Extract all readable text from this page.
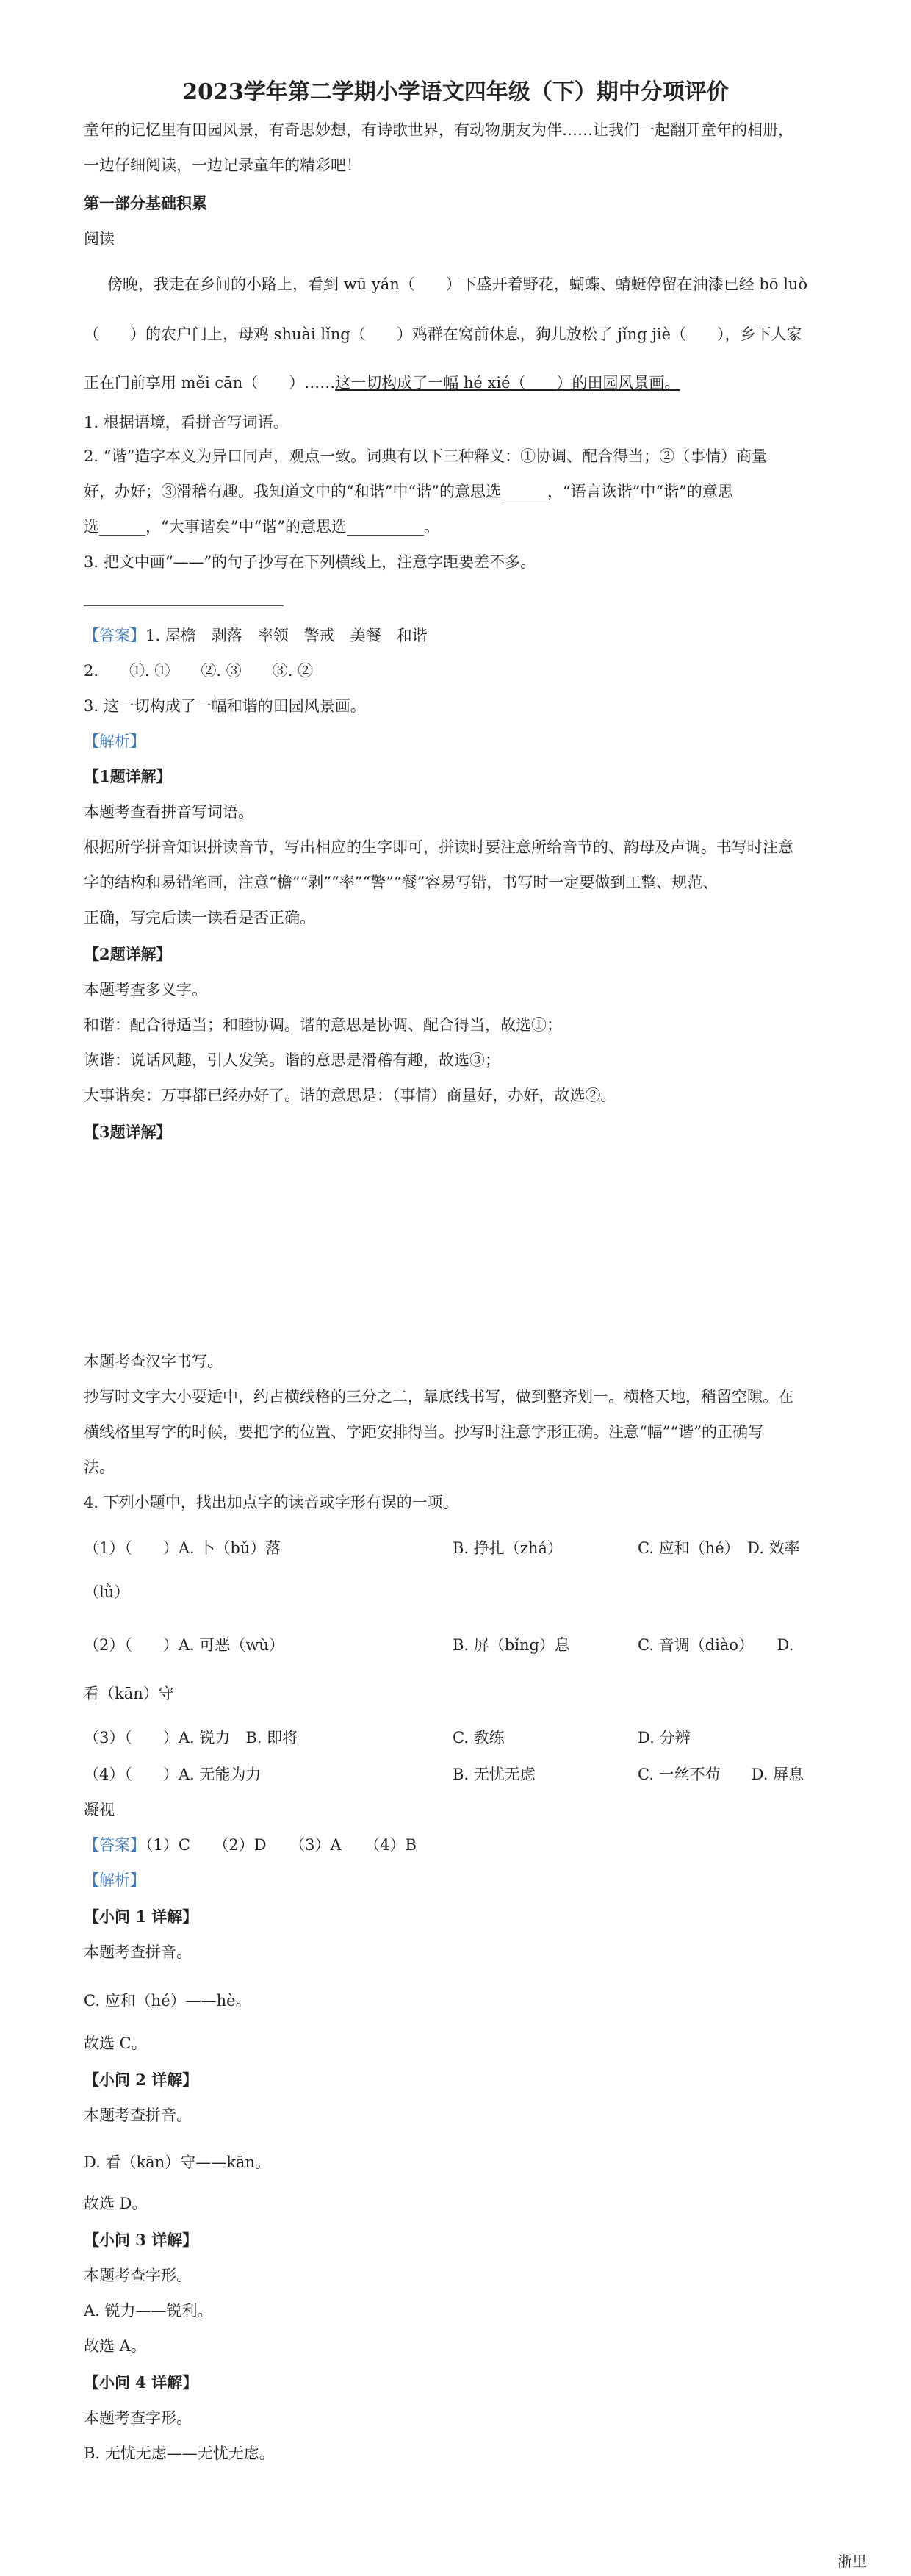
2023学年第二学期小学语文四年级（下）期中分项评价
童年的记忆里有田园风景，有奇思妙想，有诗歌世界，有动物朋友为伴……让我们一起翻开童年的相册，
一边仔细阅读，一边记录童年的精彩吧！
第一部分基础积累
阅读
傍晚，我走在乡间的小路上，看到 wū yán（　　）下盛开着野花，蝴蝶、蜻蜓停留在油漆已经 bō luò
（　　）的农户门上，母鸡 shuài lǐng（　　）鸡群在窝前休息，狗儿放松了 jǐng jiè（　　），乡下人家
正在门前享用 měi cān（　　）……这一切构成了一幅 hé xié（　　）的田园风景画。
1. 根据语境，看拼音写词语。
2. “谐”造字本义为异口同声，观点一致。词典有以下三种释义：①协调、配合得当；②（事情）商量
好，办好；③滑稽有趣。我知道文中的“和谐”中“谐”的意思选______，“语言诙谐”中“谐”的意思
选______，“大事谐矣”中“谐”的意思选__________。
3. 把文中画“——”的句子抄写在下列横线上，注意字距要差不多。
【答案】1. 屋檐　剥落　率领　警戒　美餐　和谐
2.　　①. ①　　②. ③　　③. ②
3. 这一切构成了一幅和谐的田园风景画。
【解析】
【1题详解】
本题考查看拼音写词语。
根据所学拼音知识拼读音节，写出相应的生字即可，拼读时要注意所给音节的、韵母及声调。书写时注意
字的结构和易错笔画，注意“檐”“剥”“率”“警”“餐”容易写错，书写时一定要做到工整、规范、
正确，写完后读一读看是否正确。
【2题详解】
本题考查多义字。
和谐：配合得适当；和睦协调。谐的意思是协调、配合得当，故选①；
诙谐：说话风趣，引人发笑。谐的意思是滑稽有趣，故选③；
大事谐矣：万事都已经办好了。谐的意思是：（事情）商量好，办好，故选②。
【3题详解】
本题考查汉字书写。
抄写时文字大小要适中，约占横线格的三分之二，靠底线书写，做到整齐划一。横格天地，稍留空隙。在
横线格里写字的时候，要把字的位置、字距安排得当。抄写时注意字形正确。注意“幅”“谐”的正确写
法。
4. 下列小题中，找出加点字的读音或字形有误的一项。
（1）（　　）A. 卜（bǔ）落	B. 挣扎（zhá）	C. 应和（hé）　D. 效率
（lǜ）
（2）（　　）A. 可恶（wù）	B. 屏（bǐng）息	C. 音调（diào）　　D.
看（kān）守
（3）（　　）A. 锐力　B. 即将	C. 教练	D. 分辨
（4）（　　）A. 无能为力	B. 无忧无虑	C. 一丝不苟　　D. 屏息
凝视
【答案】（1）C　　（2）D　　（3）A　　（4）B
【解析】
【小问 1 详解】
本题考查拼音。
C. 应和（hé）——hè。
故选 C。
【小问 2 详解】
本题考查拼音。
D. 看（kān）守——kān。
故选 D。
【小问 3 详解】
本题考查字形。
A. 锐力——锐利。
故选 A。
【小问 4 详解】
本题考查字形。
B. 无忧无虑——无忧无虑。
浙里
